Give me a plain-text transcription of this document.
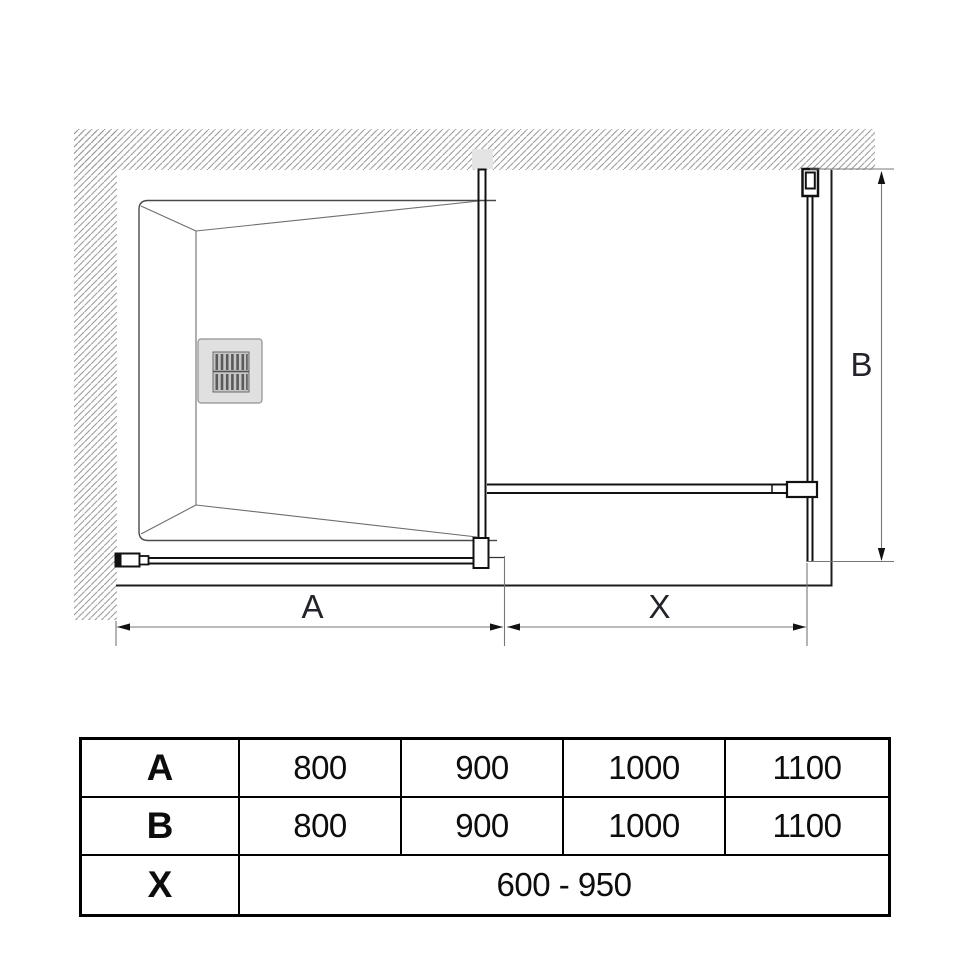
A	X
B
A	800	900	1000	1100
B	800	900	1000	1100
X	600 - 950
